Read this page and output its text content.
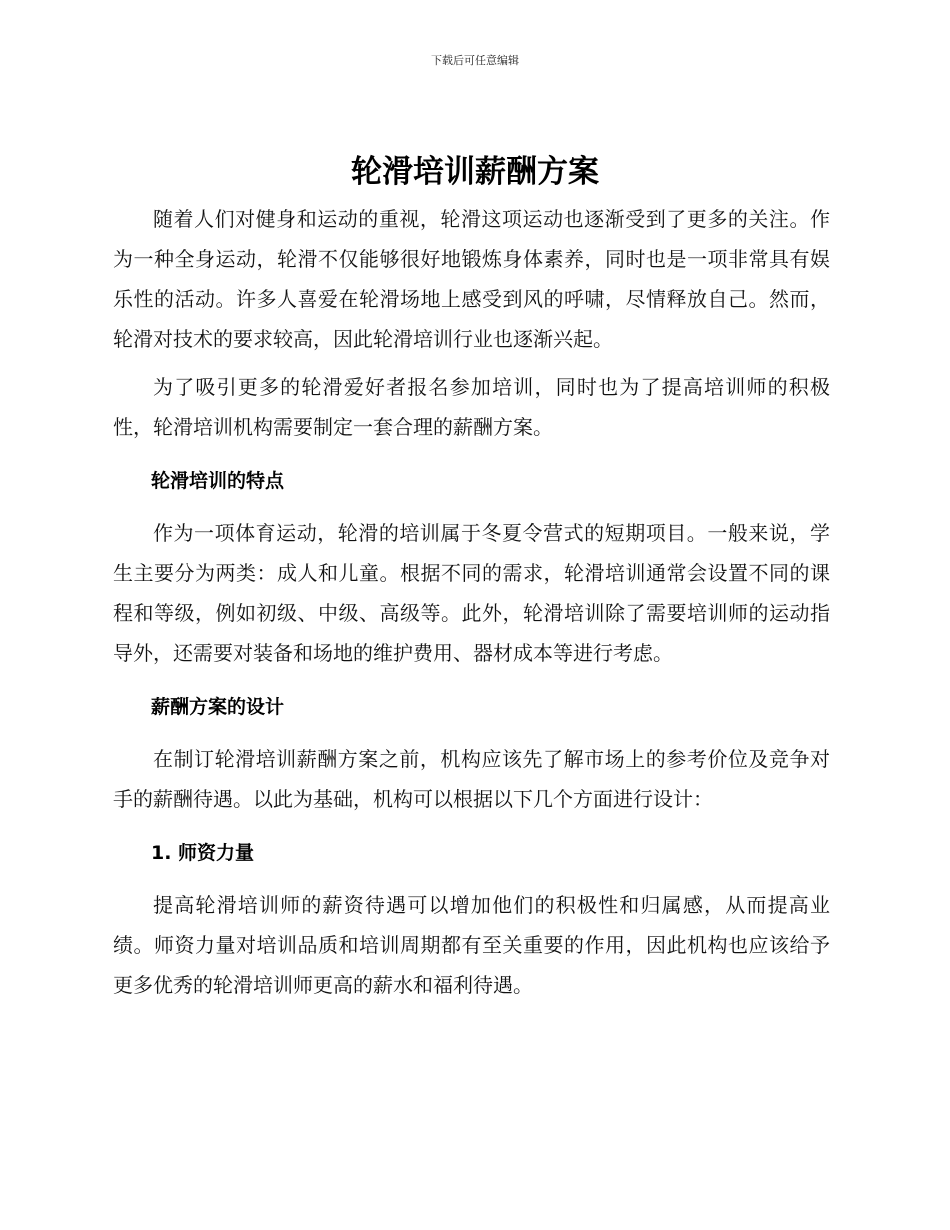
下载后可任意编辑
轮滑培训薪酬方案

随着人们对健身和运动的重视，轮滑这项运动也逐渐受到了更多的关注。作为一种全身运动，轮滑不仅能够很好地锻炼身体素养，同时也是一项非常具有娱乐性的活动。许多人喜爱在轮滑场地上感受到风的呼啸，尽情释放自己。然而，轮滑对技术的要求较高，因此轮滑培训行业也逐渐兴起。

为了吸引更多的轮滑爱好者报名参加培训，同时也为了提高培训师的积极性，轮滑培训机构需要制定一套合理的薪酬方案。

轮滑培训的特点

作为一项体育运动，轮滑的培训属于冬夏令营式的短期项目。一般来说，学生主要分为两类：成人和儿童。根据不同的需求，轮滑培训通常会设置不同的课程和等级，例如初级、中级、高级等。此外，轮滑培训除了需要培训师的运动指导外，还需要对装备和场地的维护费用、器材成本等进行考虑。

薪酬方案的设计

在制订轮滑培训薪酬方案之前，机构应该先了解市场上的参考价位及竞争对手的薪酬待遇。以此为基础，机构可以根据以下几个方面进行设计：

1. 师资力量

提高轮滑培训师的薪资待遇可以增加他们的积极性和归属感，从而提高业绩。师资力量对培训品质和培训周期都有至关重要的作用，因此机构也应该给予更多优秀的轮滑培训师更高的薪水和福利待遇。
